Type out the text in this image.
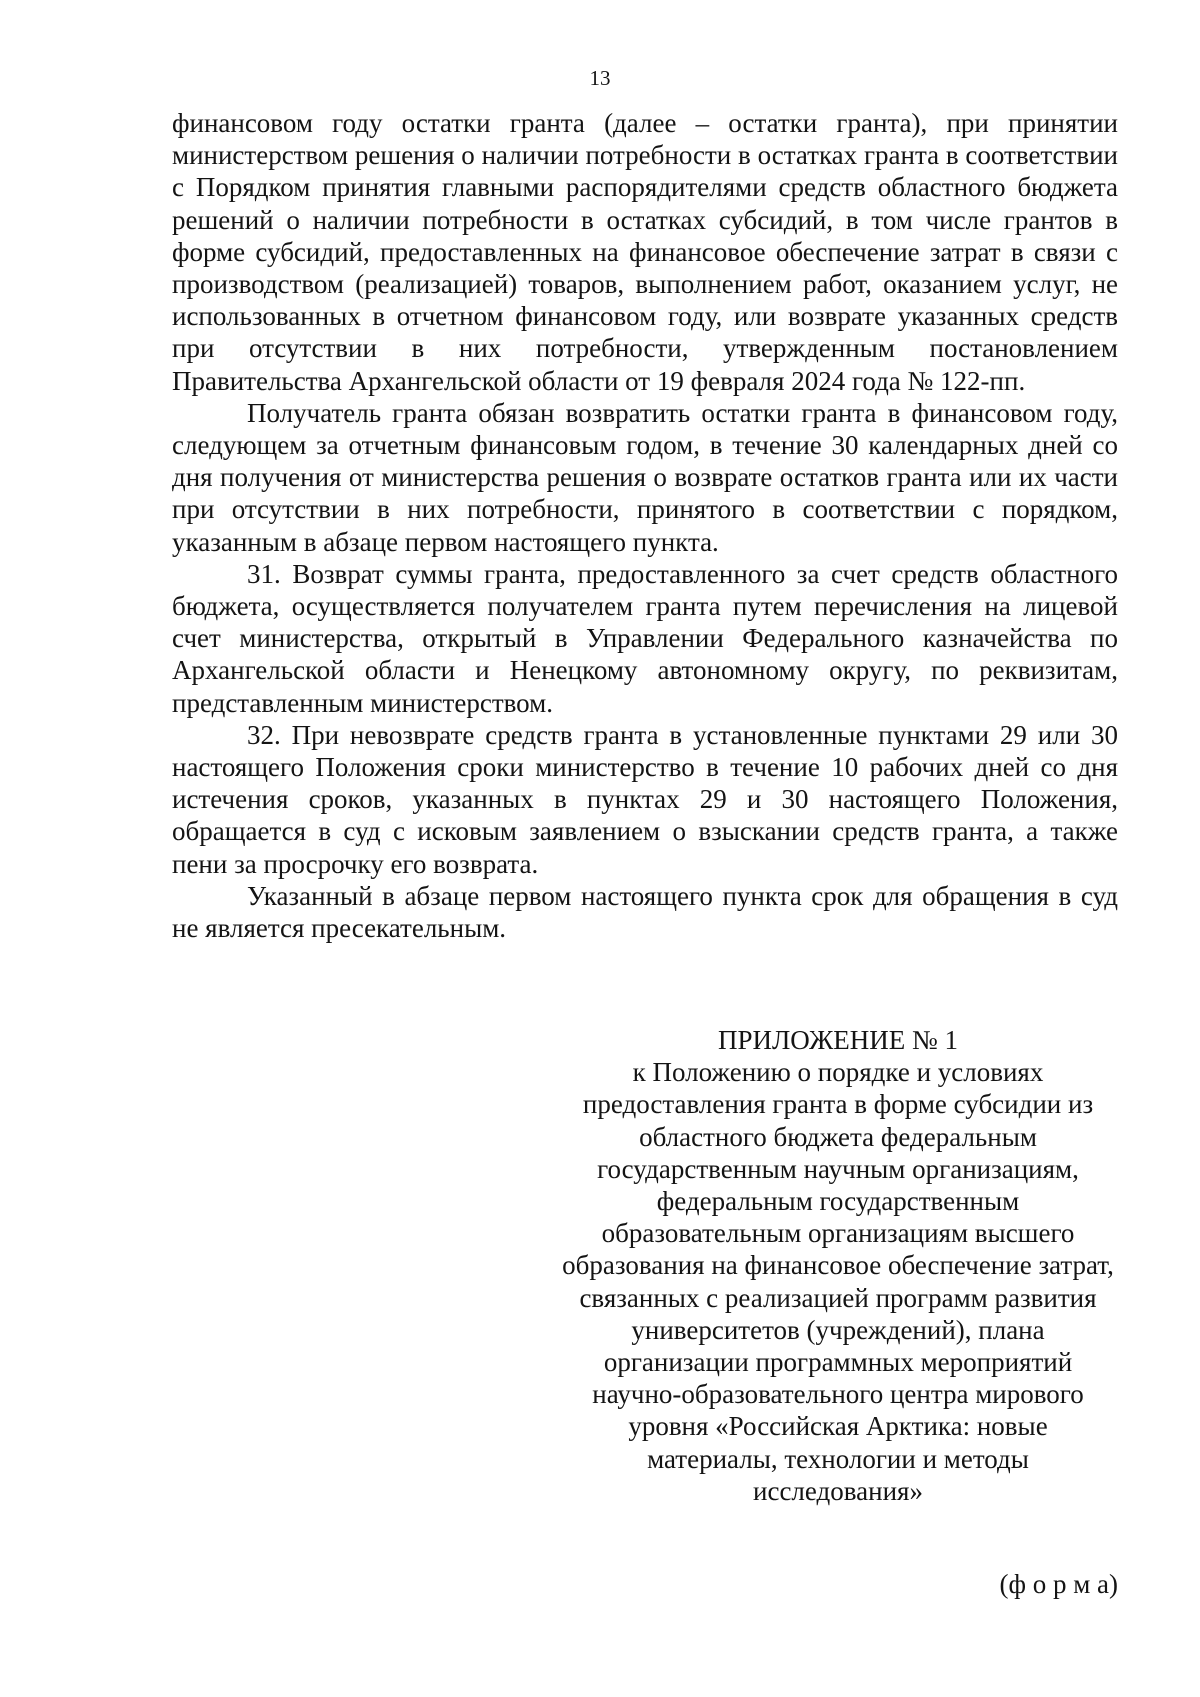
13

финансовом году остатки гранта (далее – остатки гранта), при принятии министерством решения о наличии потребности в остатках гранта в соответствии с Порядком принятия главными распорядителями средств областного бюджета решений о наличии потребности в остатках субсидий, в том числе грантов в форме субсидий, предоставленных на финансовое обеспечение затрат в связи с производством (реализацией) товаров, выполнением работ, оказанием услуг, не использованных в отчетном финансовом году, или возврате указанных средств при отсутствии в них потребности, утвержденным постановлением Правительства Архангельской области от 19 февраля 2024 года № 122-пп.

Получатель гранта обязан возвратить остатки гранта в финансовом году, следующем за отчетным финансовым годом, в течение 30 календарных дней со дня получения от министерства решения о возврате остатков гранта или их части при отсутствии в них потребности, принятого в соответствии с порядком, указанным в абзаце первом настоящего пункта.

31. Возврат суммы гранта, предоставленного за счет средств областного бюджета, осуществляется получателем гранта путем перечисления на лицевой счет министерства, открытый в Управлении Федерального казначейства по Архангельской области и Ненецкому автономному округу, по реквизитам, представленным министерством.

32. При невозврате средств гранта в установленные пунктами 29 или 30 настоящего Положения сроки министерство в течение 10 рабочих дней со дня истечения сроков, указанных в пунктах 29 и 30 настоящего Положения, обращается в суд с исковым заявлением о взыскании средств гранта, а также пени за просрочку его возврата.

Указанный в абзаце первом настоящего пункта срок для обращения в суд не является пресекательным.

ПРИЛОЖЕНИЕ № 1

к Положению о порядке и условиях предоставления гранта в форме субсидии из областного бюджета федеральным государственным научным организациям, федеральным государственным образовательным организациям высшего образования на финансовое обеспечение затрат, связанных с реализацией программ развития университетов (учреждений), плана организации программных мероприятий научно-образовательного центра мирового уровня «Российская Арктика: новые материалы, технологии и методы исследования»

(ф о р м а)
